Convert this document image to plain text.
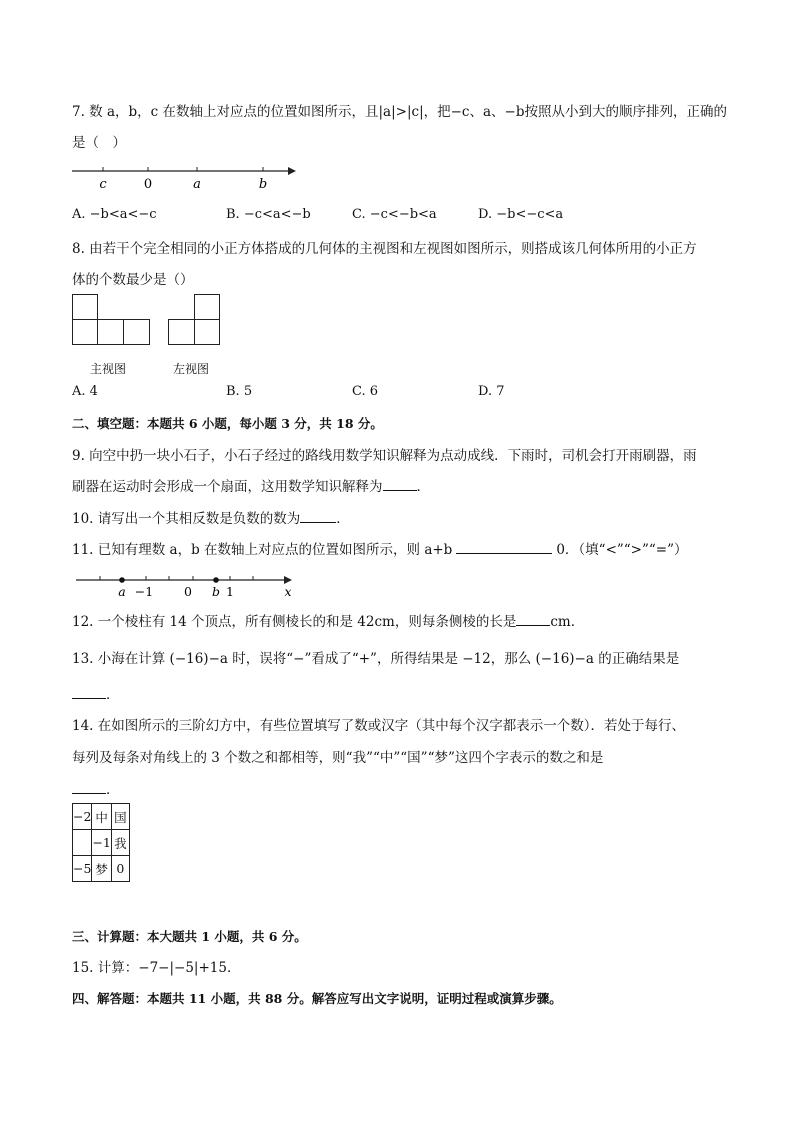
7. 数 a，b，c 在数轴上对应点的位置如图所示，且|a|>|c|，把−c、a、−b按照从小到大的顺序排列，正确的
是（　）
c	0	a	b
A. −b<a<−c	B. −c<a<−b	C. −c<−b<a	D. −b<−c<a
8. 由若干个完全相同的小正方体搭成的几何体的主视图和左视图如图所示，则搭成该几何体所用的小正方
体的个数最少是（）
主视图	左视图
A. 4	B. 5	C. 6	D. 7
二、填空题：本题共 6 小题，每小题 3 分，共 18 分。
9. 向空中扔一块小石子，小石子经过的路线用数学知识解释为点动成线．下雨时，司机会打开雨刷器，雨
刷器在运动时会形成一个扇面，这用数学知识解释为	．
10. 请写出一个其相反数是负数的数为	．
11. 已知有理数 a，b 在数轴上对应点的位置如图所示，则 a+b	0．（填“<”“>”“=”）
a −1 0 b 1	x
12. 一个棱柱有 14 个顶点，所有侧棱长的和是 42cm，则每条侧棱的长是	cm．
13. 小海在计算 (−16)−a 时，误将“−”看成了“+”，所得结果是 −12，那么 (−16)−a 的正确结果是
．
14. 在如图所示的三阶幻方中，有些位置填写了数或汉字（其中每个汉字都表示一个数）．若处于每行、
每列及每条对角线上的 3 个数之和都相等，则“我”“中”“国”“梦”这四个字表示的数之和是
．
−2	中	国
	−1	我
−5	梦	0
三、计算题：本大题共 1 小题，共 6 分。
15. 计算：−7−|−5|+15．
四、解答题：本题共 11 小题，共 88 分。解答应写出文字说明，证明过程或演算步骤。
